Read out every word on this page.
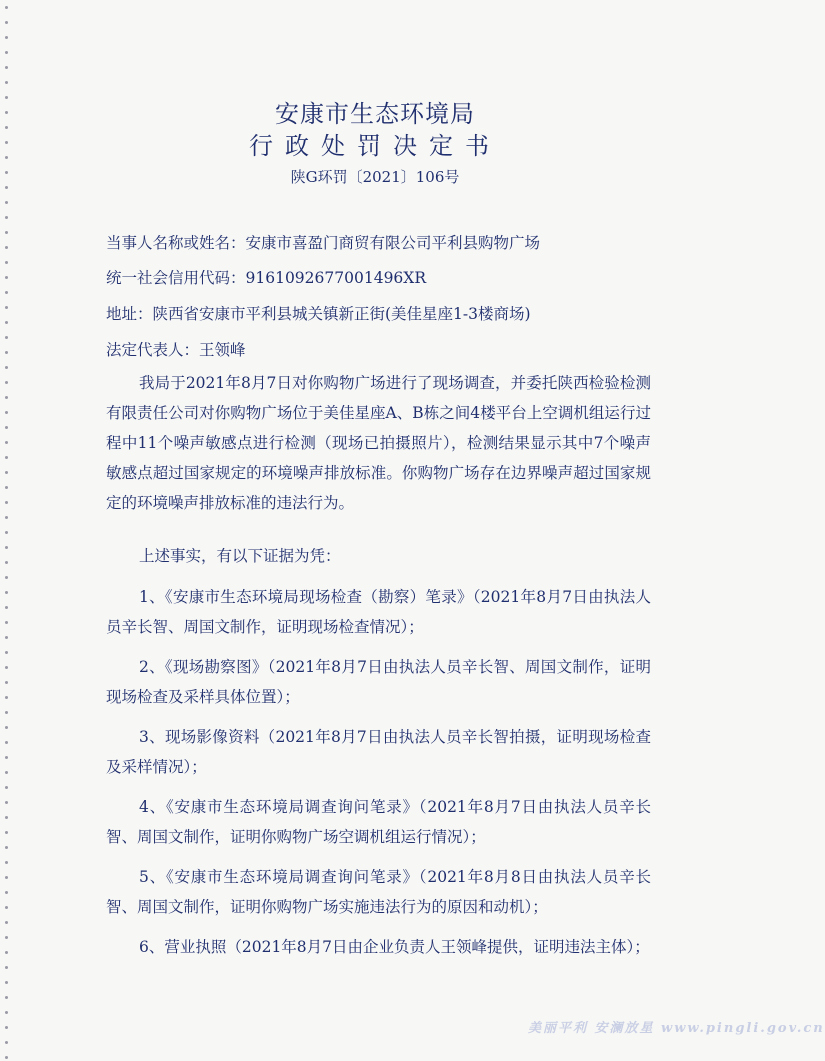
安康市生态环境局
行政处罚决定书
陕G环罚〔2021〕106号
当事人名称或姓名：安康市喜盈门商贸有限公司平利县购物广场
统一社会信用代码：9161092677001496XR
地址：陕西省安康市平利县城关镇新正街(美佳星座1-3楼商场)
法定代表人：王领峰
我局于2021年8月7日对你购物广场进行了现场调查，并委托陕西检验检测有限责任公司对你购物广场位于美佳星座A、B栋之间4楼平台上空调机组运行过程中11个噪声敏感点进行检测（现场已拍摄照片），检测结果显示其中7个噪声敏感点超过国家规定的环境噪声排放标准。你购物广场存在边界噪声超过国家规定的环境噪声排放标准的违法行为。
上述事实，有以下证据为凭：
1、《安康市生态环境局现场检查（勘察）笔录》（2021年8月7日由执法人员辛长智、周国文制作，证明现场检查情况）；
2、《现场勘察图》（2021年8月7日由执法人员辛长智、周国文制作，证明现场检查及采样具体位置）；
3、现场影像资料（2021年8月7日由执法人员辛长智拍摄，证明现场检查及采样情况）；
4、《安康市生态环境局调查询问笔录》（2021年8月7日由执法人员辛长智、周国文制作，证明你购物广场空调机组运行情况）；
5、《安康市生态环境局调查询问笔录》（2021年8月8日由执法人员辛长智、周国文制作，证明你购物广场实施违法行为的原因和动机）；
6、营业执照（2021年8月7日由企业负责人王领峰提供，证明违法主体）；
美丽平利 安澜放星 www.pingli.gov.cn
